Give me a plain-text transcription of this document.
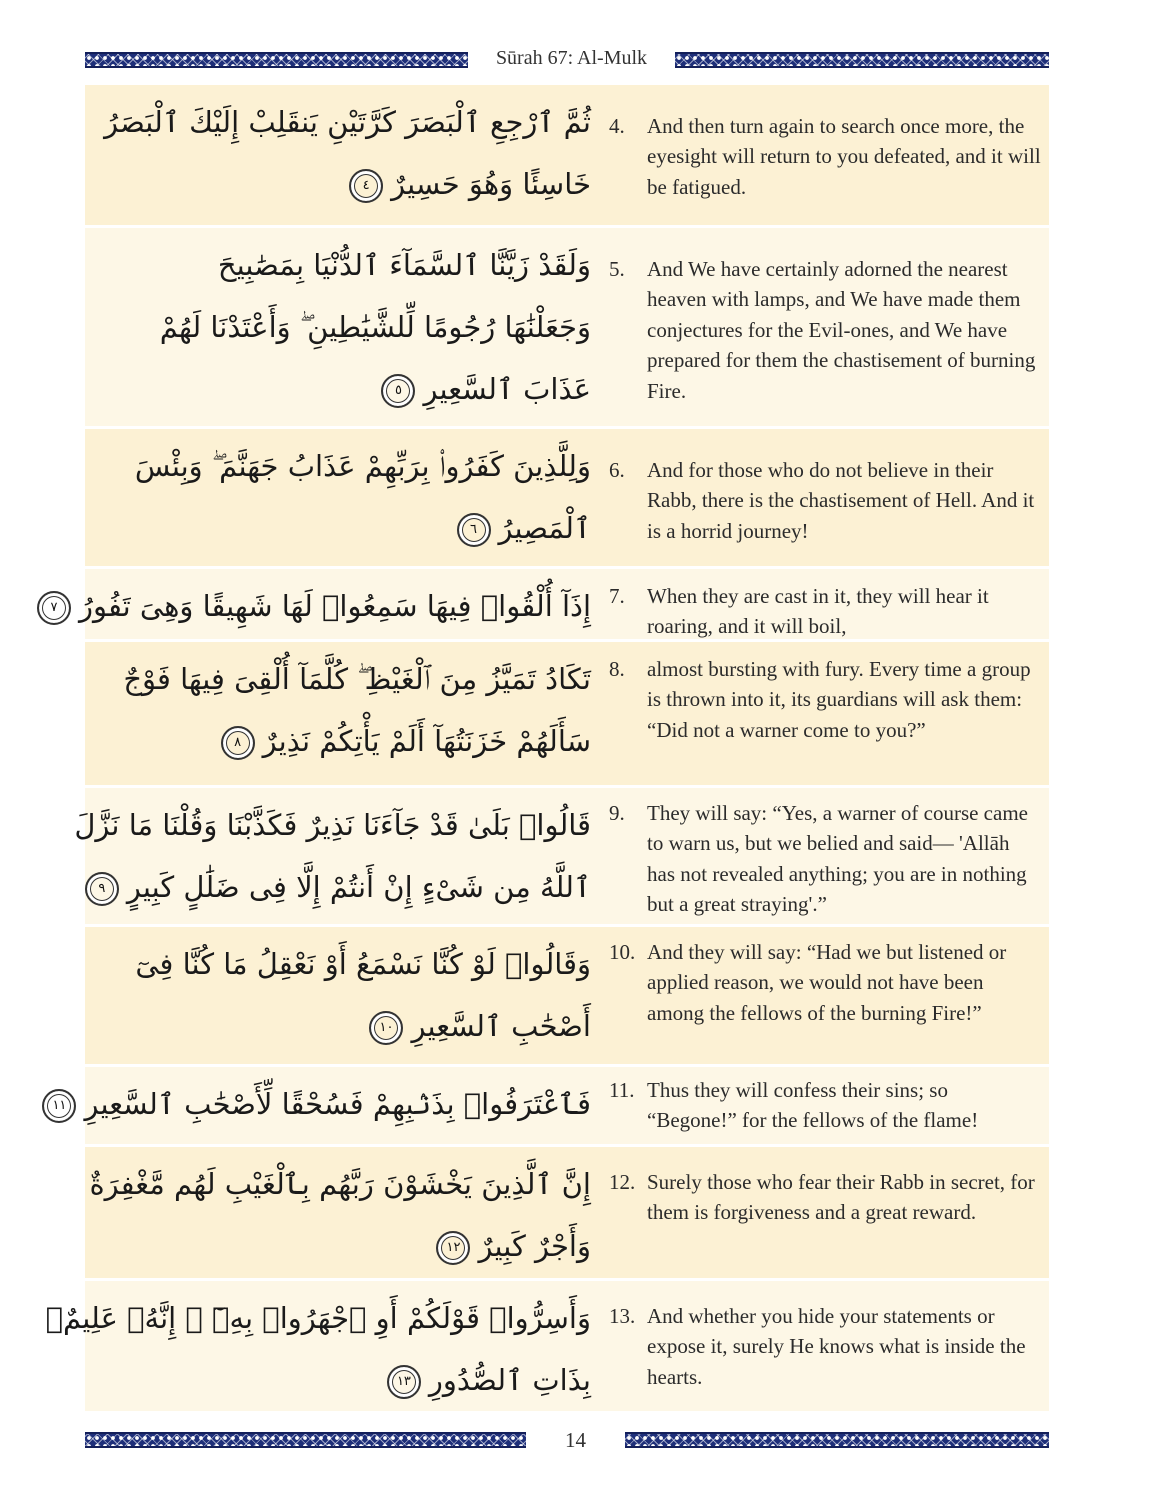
Sūrah 67: Al-Mulk
ثُمَّ ٱرْجِعِ ٱلْبَصَرَ كَرَّتَيْنِ يَنقَلِبْ إِلَيْكَ ٱلْبَصَرُ
خَاسِئًا وَهُوَ حَسِيرٌ٤
4.	And then turn again to search once more, the eyesight will return to you defeated, and it will be fatigued.
وَلَقَدْ زَيَّنَّا ٱلسَّمَآءَ ٱلدُّنْيَا بِمَصَٰبِيحَ
وَجَعَلْنَٰهَا رُجُومًا لِّلشَّيَٰطِينِ ۖ وَأَعْتَدْنَا لَهُمْ
عَذَابَ ٱلسَّعِيرِ٥
5.	And We have certainly adorned the nearest heaven with lamps, and We have made them conjectures for the Evil-ones, and We have prepared for them the chastisement of burning Fire.
وَلِلَّذِينَ كَفَرُوا۟ بِرَبِّهِمْ عَذَابُ جَهَنَّمَ ۖ وَبِئْسَ
ٱلْمَصِيرُ٦
6.	And for those who do not believe in their Rabb, there is the chastisement of Hell. And it is a horrid journey!
إِذَآ أُلْقُوا۟ فِيهَا سَمِعُوا۟ لَهَا شَهِيقًا وَهِىَ تَفُورُ٧	7.	When they are cast in it, they will hear it roaring, and it will boil,
تَكَادُ تَمَيَّزُ مِنَ ٱلْغَيْظِ ۖ كُلَّمَآ أُلْقِىَ فِيهَا فَوْجٌ
سَأَلَهُمْ خَزَنَتُهَآ أَلَمْ يَأْتِكُمْ نَذِيرٌ٨
8.	almost bursting with fury. Every time a group is thrown into it, its guardians will ask them: “Did not a warner come to you?”
قَالُوا۟ بَلَىٰ قَدْ جَآءَنَا نَذِيرٌ فَكَذَّبْنَا وَقُلْنَا مَا نَزَّلَ
ٱللَّهُ مِن شَىْءٍ إِنْ أَنتُمْ إِلَّا فِى ضَلَٰلٍ كَبِيرٍ٩
9.	They will say: “Yes, a warner of course came to warn us, but we belied and said— 'Allāh has not revealed anything; you are in nothing but a great straying'.”
وَقَالُوا۟ لَوْ كُنَّا نَسْمَعُ أَوْ نَعْقِلُ مَا كُنَّا فِىٓ
أَصْحَٰبِ ٱلسَّعِيرِ١٠
10. And they will say: “Had we but listened or applied reason, we would not have been among the fellows of the burning Fire!”
فَٱعْتَرَفُوا۟ بِذَنۢبِهِمْ فَسُحْقًا لِّأَصْحَٰبِ ٱلسَّعِيرِ١١
11. Thus they will confess their sins; so “Begone!” for the fellows of the flame!
إِنَّ ٱلَّذِينَ يَخْشَوْنَ رَبَّهُم بِٱلْغَيْبِ لَهُم مَّغْفِرَةٌ
وَأَجْرٌ كَبِيرٌ١٢
12. Surely those who fear their Rabb in secret, for them is forgiveness and a great reward.
وَأَسِرُّوا۟ قَوْلَكُمْ أَوِ ٱجْهَرُوا۟ بِهِۦٓ ۖ إِنَّهُۥ عَلِيمٌۢ
بِذَاتِ ٱلصُّدُورِ١٣
13. And whether you hide your statements or expose it, surely He knows what is inside the hearts.
14
